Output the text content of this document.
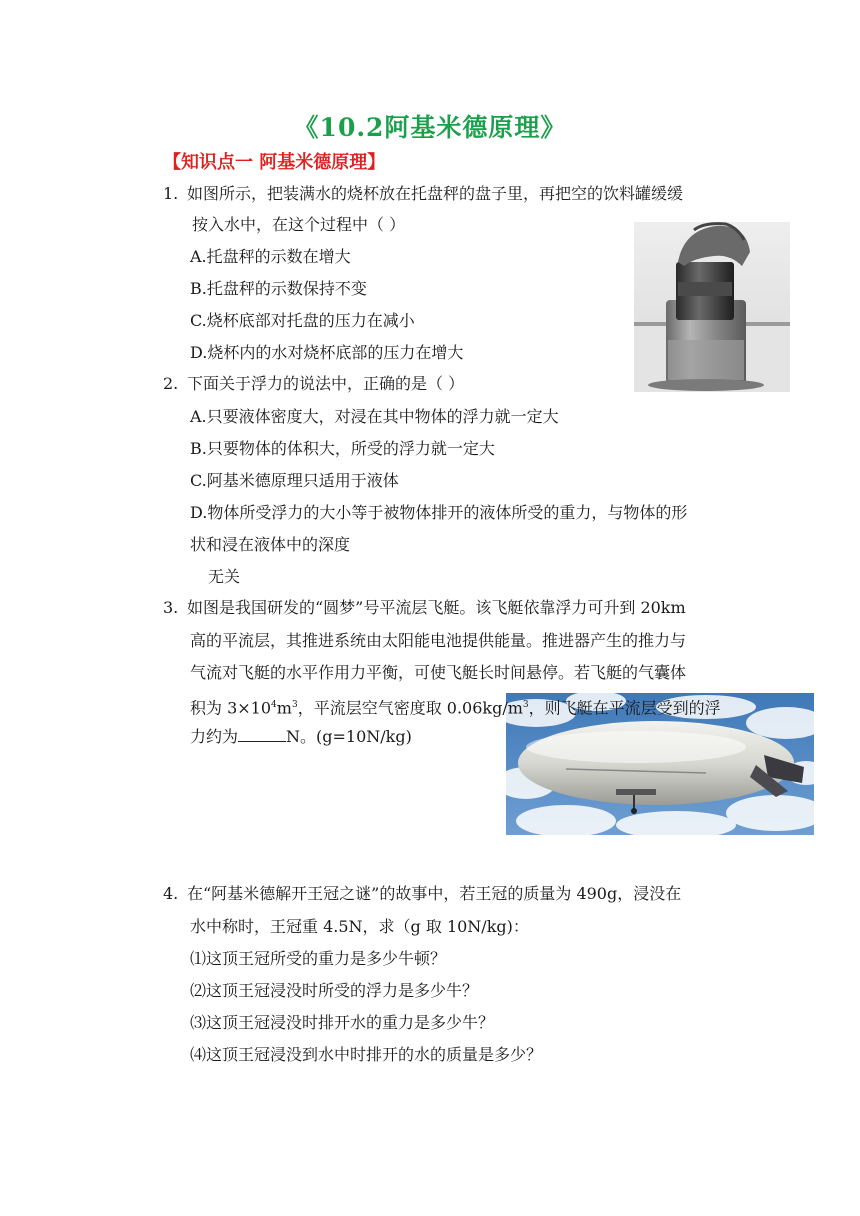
《10.2阿基米德原理》
【知识点一 阿基米德原理】
1. 如图所示，把装满水的烧杯放在托盘秤的盘子里，再把空的饮料罐缓缓
按入水中，在这个过程中（ ）
A.托盘秤的示数在增大
B.托盘秤的示数保持不变
C.烧杯底部对托盘的压力在减小
D.烧杯内的水对烧杯底部的压力在增大
2. 下面关于浮力的说法中，正确的是（ ）
A.只要液体密度大，对浸在其中物体的浮力就一定大
B.只要物体的体积大，所受的浮力就一定大
C.阿基米德原理只适用于液体
D.物体所受浮力的大小等于被物体排开的液体所受的重力，与物体的形
状和浸在液体中的深度
无关
3. 如图是我国研发的“圆梦”号平流层飞艇。该飞艇依靠浮力可升到 20km
高的平流层，其推进系统由太阳能电池提供能量。推进器产生的推力与
气流对飞艇的水平作用力平衡，可使飞艇长时间悬停。若飞艇的气囊体
积为 $3\times 10^4m^3$，平流层空气密度取 $0.06kg/m^3$，则飞艇在平流层受到的浮
力约为	N。(g=10N/kg)
4. 在“阿基米德解开王冠之谜”的故事中，若王冠的质量为 490g，浸没在
水中称时，王冠重 4.5N，求（g 取 10N/kg)：
⑴这顶王冠所受的重力是多少牛顿？
⑵这顶王冠浸没时所受的浮力是多少牛？
⑶这顶王冠浸没时排开水的重力是多少牛？
⑷这顶王冠浸没到水中时排开的水的质量是多少？
